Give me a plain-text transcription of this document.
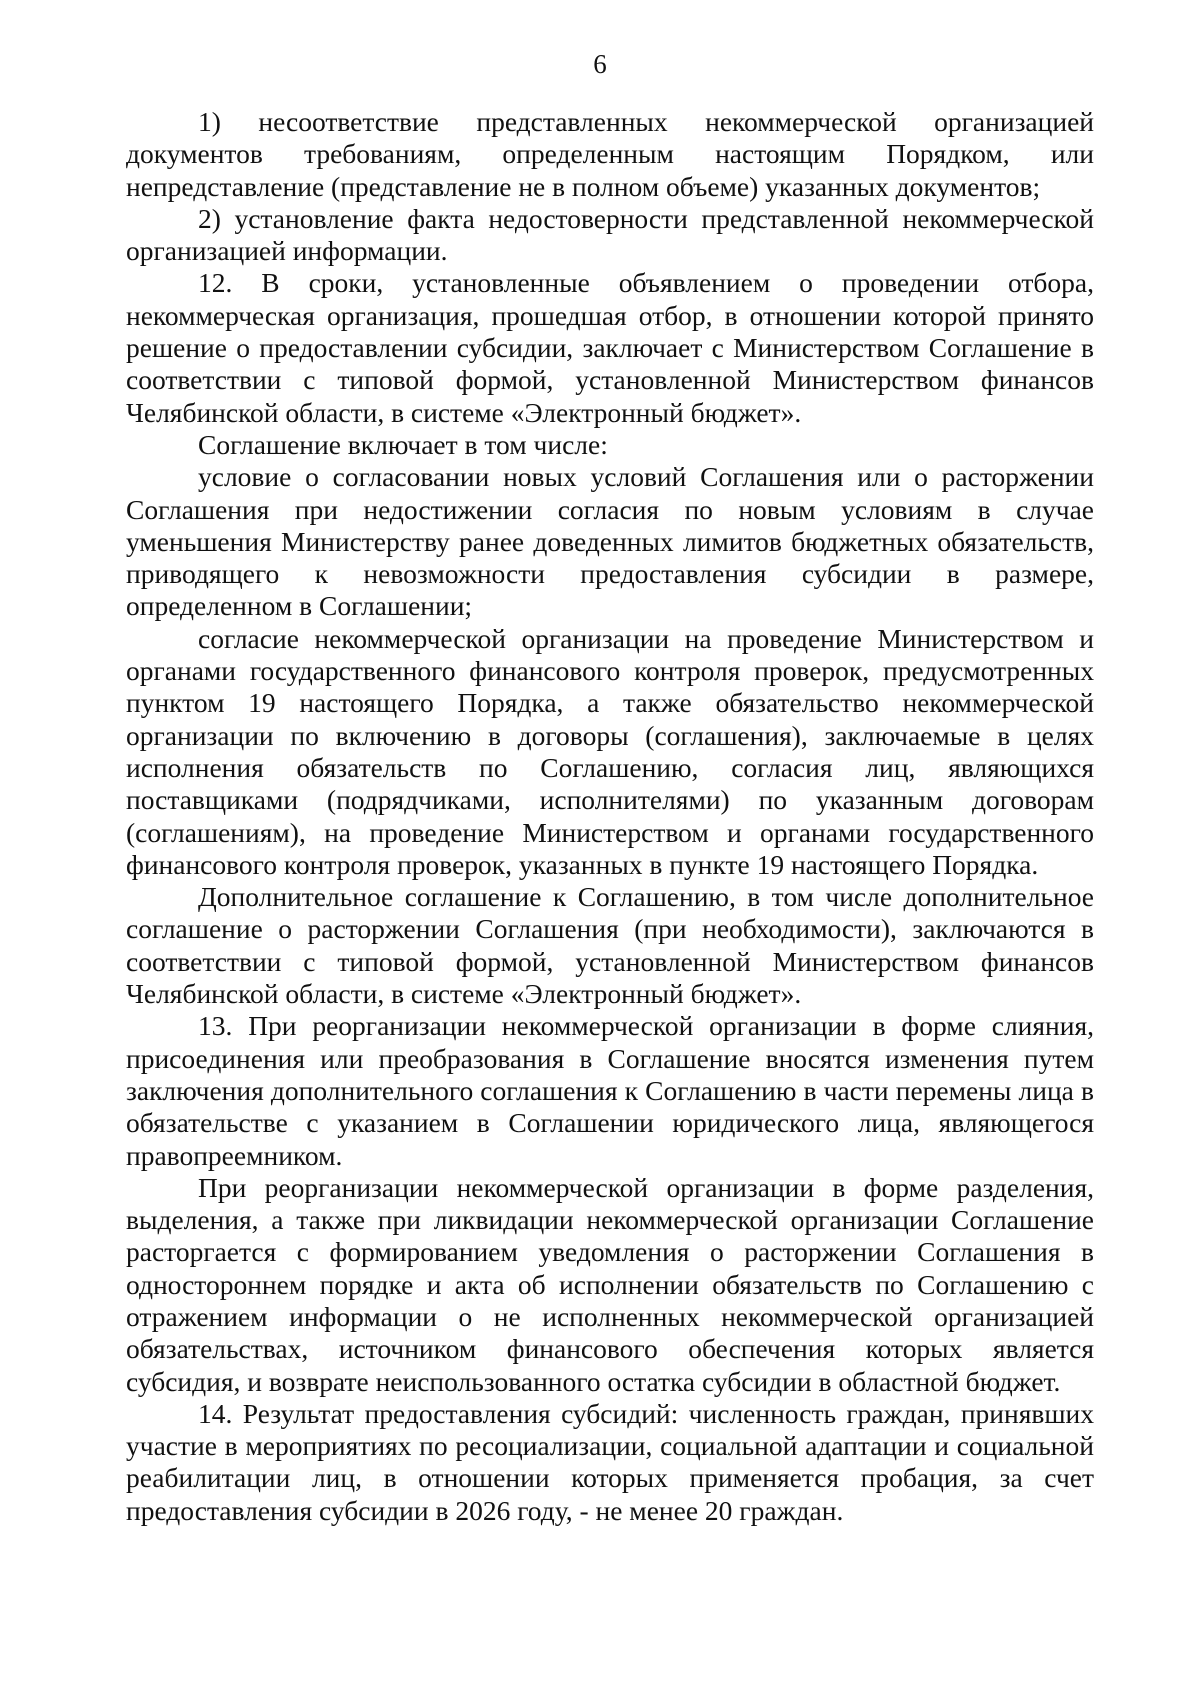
6

1) несоответствие представленных некоммерческой организацией документов требованиям, определенным настоящим Порядком, или непредставление (представление не в полном объеме) указанных документов;

2) установление факта недостоверности представленной некоммерческой организацией информации.

12. В сроки, установленные объявлением о проведении отбора, некоммерческая организация, прошедшая отбор, в отношении которой принято решение о предоставлении субсидии, заключает с Министерством Соглашение в соответствии с типовой формой, установленной Министерством финансов Челябинской области, в системе «Электронный бюджет».

Соглашение включает в том числе:

условие о согласовании новых условий Соглашения или о расторжении Соглашения при недостижении согласия по новым условиям в случае уменьшения Министерству ранее доведенных лимитов бюджетных обязательств, приводящего к невозможности предоставления субсидии в размере, определенном в Соглашении;

согласие некоммерческой организации на проведение Министерством и органами государственного финансового контроля проверок, предусмотренных пунктом 19 настоящего Порядка, а также обязательство некоммерческой организации по включению в договоры (соглашения), заключаемые в целях исполнения обязательств по Соглашению, согласия лиц, являющихся поставщиками (подрядчиками, исполнителями) по указанным договорам (соглашениям), на проведение Министерством и органами государственного финансового контроля проверок, указанных в пункте 19 настоящего Порядка.

Дополнительное соглашение к Соглашению, в том числе дополнительное соглашение о расторжении Соглашения (при необходимости), заключаются в соответствии с типовой формой, установленной Министерством финансов Челябинской области, в системе «Электронный бюджет».

13. При реорганизации некоммерческой организации в форме слияния, присоединения или преобразования в Соглашение вносятся изменения путем заключения дополнительного соглашения к Соглашению в части перемены лица в обязательстве с указанием в Соглашении юридического лица, являющегося правопреемником.

При реорганизации некоммерческой организации в форме разделения, выделения, а также при ликвидации некоммерческой организации Соглашение расторгается с формированием уведомления о расторжении Соглашения в одностороннем порядке и акта об исполнении обязательств по Соглашению с отражением информации о не исполненных некоммерческой организацией обязательствах, источником финансового обеспечения которых является субсидия, и возврате неиспользованного остатка субсидии в областной бюджет.

14. Результат предоставления субсидий: численность граждан, принявших участие в мероприятиях по ресоциализации, социальной адаптации и социальной реабилитации лиц, в отношении которых применяется пробация, за счет предоставления субсидии в 2026 году, - не менее 20 граждан.
